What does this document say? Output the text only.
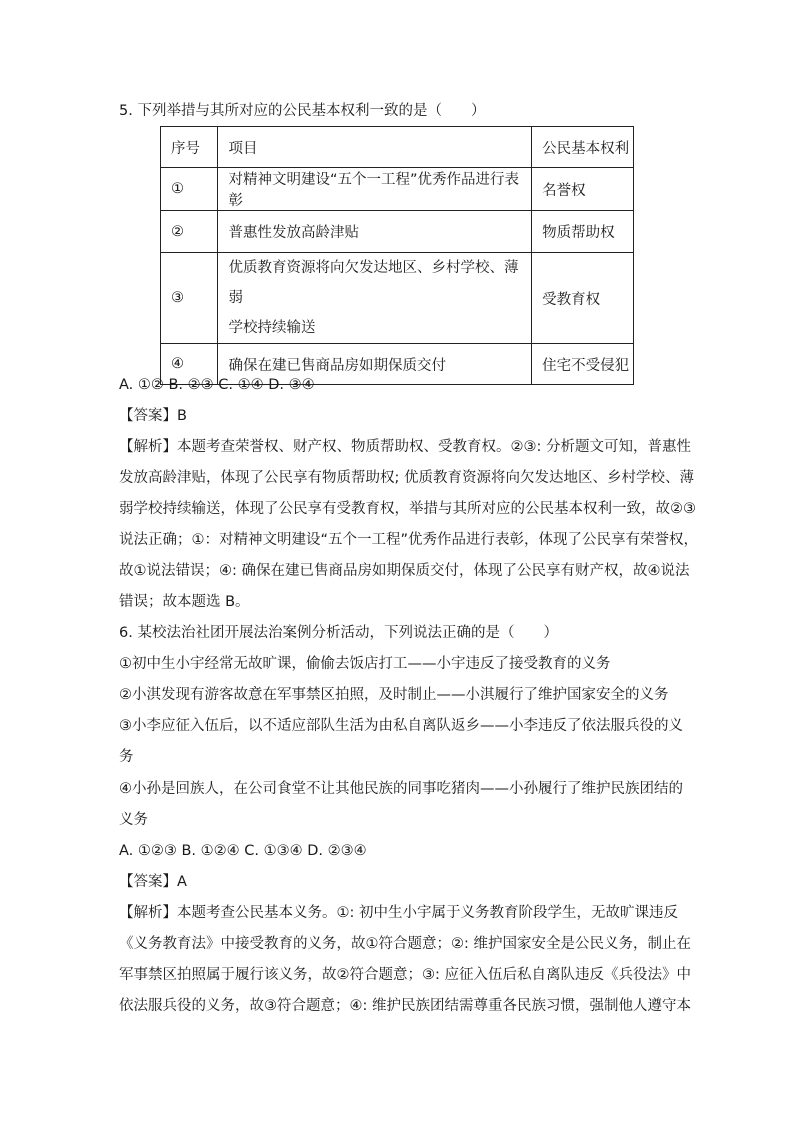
5. 下列举措与其所对应的公民基本权利一致的是（　　）
序号	项目	公民基本权利
①	对精神文明建设“五个一工程”优秀作品进行表彰	名誉权
②	普惠性发放高龄津贴	物质帮助权
③	优质教育资源将向欠发达地区、乡村学校、薄弱
学校持续输送	受教育权
④	确保在建已售商品房如期保质交付	住宅不受侵犯
A. ①② B. ②③ C. ①④ D. ③④
【答案】B
【解析】本题考查荣誉权、财产权、物质帮助权、受教育权。②③: 分析题文可知，普惠性
发放高龄津贴，体现了公民享有物质帮助权; 优质教育资源将向欠发达地区、乡村学校、薄
弱学校持续输送，体现了公民享有受教育权，举措与其所对应的公民基本权利一致，故②③
说法正确；①：对精神文明建设“五个一工程”优秀作品进行表彰，体现了公民享有荣誉权，
故①说法错误；④: 确保在建已售商品房如期保质交付，体现了公民享有财产权，故④说法
错误；故本题选 B。
6. 某校法治社团开展法治案例分析活动，下列说法正确的是（　　）
①初中生小宇经常无故旷课，偷偷去饭店打工——小宇违反了接受教育的义务
②小淇发现有游客故意在军事禁区拍照，及时制止——小淇履行了维护国家安全的义务
③小李应征入伍后，以不适应部队生活为由私自离队返乡——小李违反了依法服兵役的义
务
④小孙是回族人，在公司食堂不让其他民族的同事吃猪肉——小孙履行了维护民族团结的
义务
A. ①②③ B. ①②④ C. ①③④ D. ②③④
【答案】A
【解析】本题考查公民基本义务。①: 初中生小宇属于义务教育阶段学生，无故旷课违反
《义务教育法》中接受教育的义务，故①符合题意；②: 维护国家安全是公民义务，制止在
军事禁区拍照属于履行该义务，故②符合题意；③: 应征入伍后私自离队违反《兵役法》中
依法服兵役的义务，故③符合题意；④: 维护民族团结需尊重各民族习惯，强制他人遵守本
